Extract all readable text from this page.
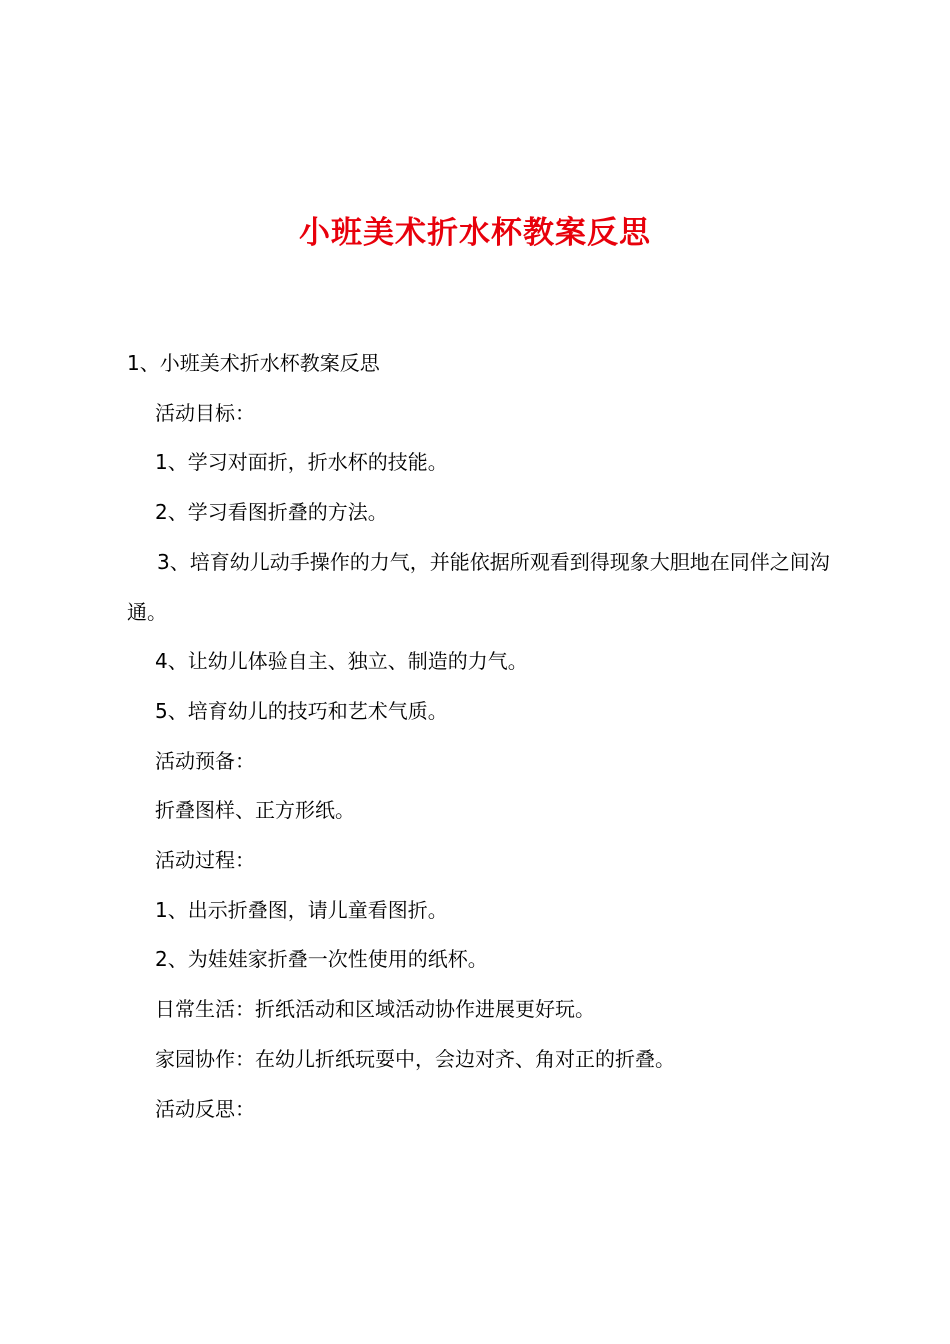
小班美术折水杯教案反思

1、小班美术折水杯教案反思

活动目标：

1、学习对面折，折水杯的技能。

2、学习看图折叠的方法。

3、培育幼儿动手操作的力气，并能依据所观看到得现象大胆地在同伴之间沟通。

4、让幼儿体验自主、独立、制造的力气。

5、培育幼儿的技巧和艺术气质。

活动预备：

折叠图样、正方形纸。

活动过程：

1、出示折叠图，请儿童看图折。

2、为娃娃家折叠一次性使用的纸杯。

日常生活：折纸活动和区域活动协作进展更好玩。

家园协作：在幼儿折纸玩耍中，会边对齐、角对正的折叠。

活动反思：
